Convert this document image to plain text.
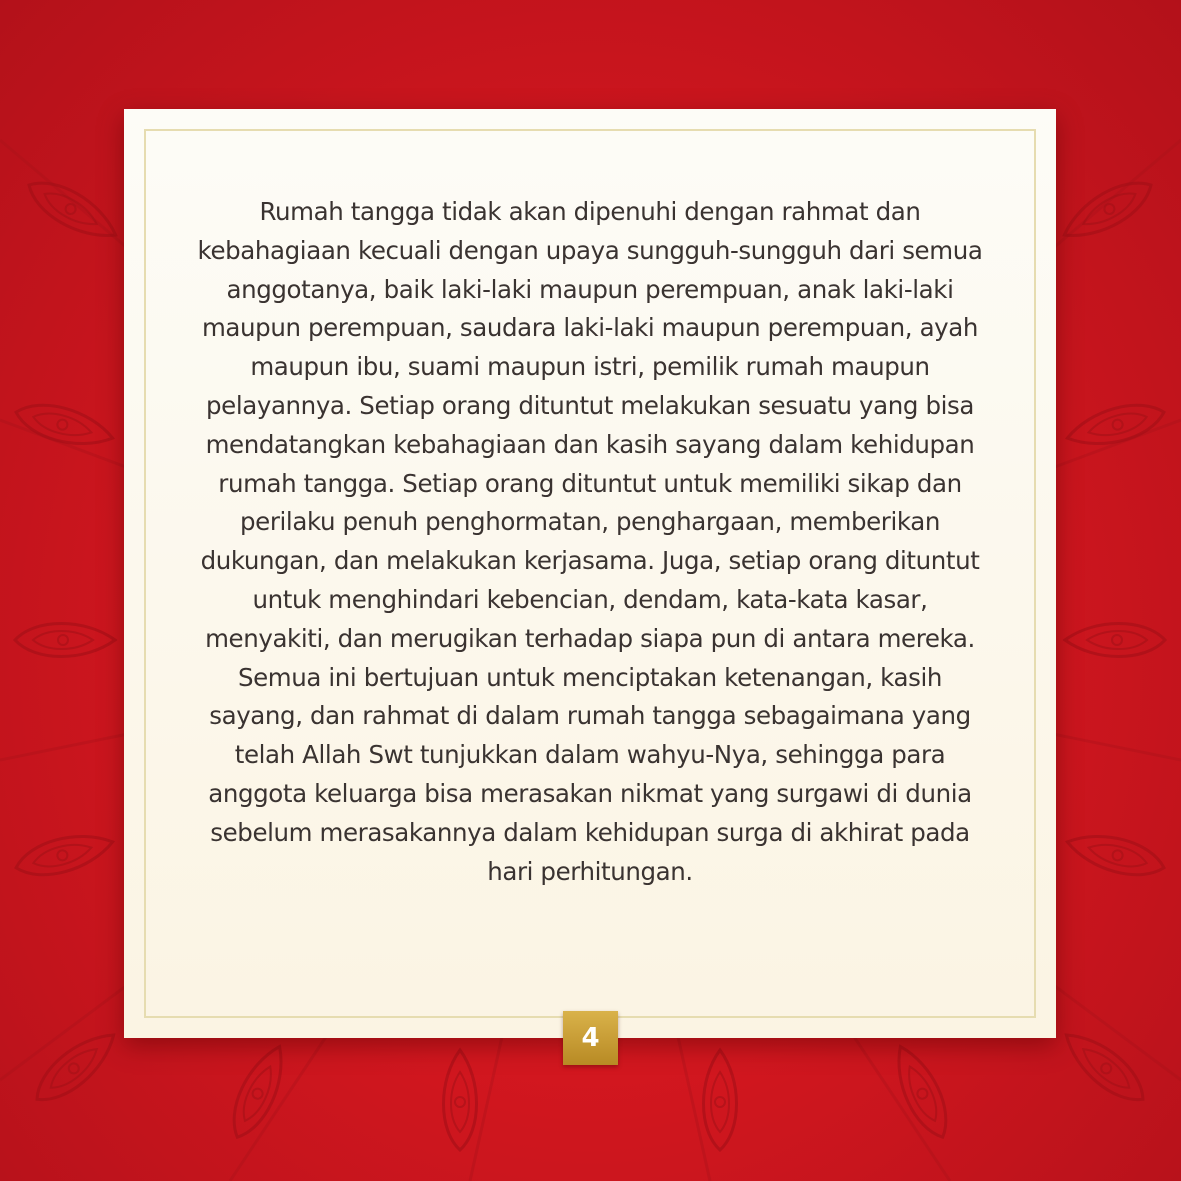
Rumah tangga tidak akan dipenuhi dengan rahmat dan kebahagiaan kecuali dengan upaya sungguh-sungguh dari semua anggotanya, baik laki-laki maupun perempuan, anak laki-laki maupun perempuan, saudara laki-laki maupun perempuan, ayah maupun ibu, suami maupun istri, pemilik rumah maupun pelayannya. Setiap orang dituntut melakukan sesuatu yang bisa mendatangkan kebahagiaan dan kasih sayang dalam kehidupan rumah tangga. Setiap orang dituntut untuk memiliki sikap dan perilaku penuh penghormatan, penghargaan, memberikan dukungan, dan melakukan kerjasama. Juga, setiap orang dituntut untuk menghindari kebencian, dendam, kata-kata kasar, menyakiti, dan merugikan terhadap siapa pun di antara mereka. Semua ini bertujuan untuk menciptakan ketenangan, kasih sayang, dan rahmat di dalam rumah tangga sebagaimana yang telah Allah Swt tunjukkan dalam wahyu-Nya, sehingga para anggota keluarga bisa merasakan nikmat yang surgawi di dunia sebelum merasakannya dalam kehidupan surga di akhirat pada hari perhitungan.

4
